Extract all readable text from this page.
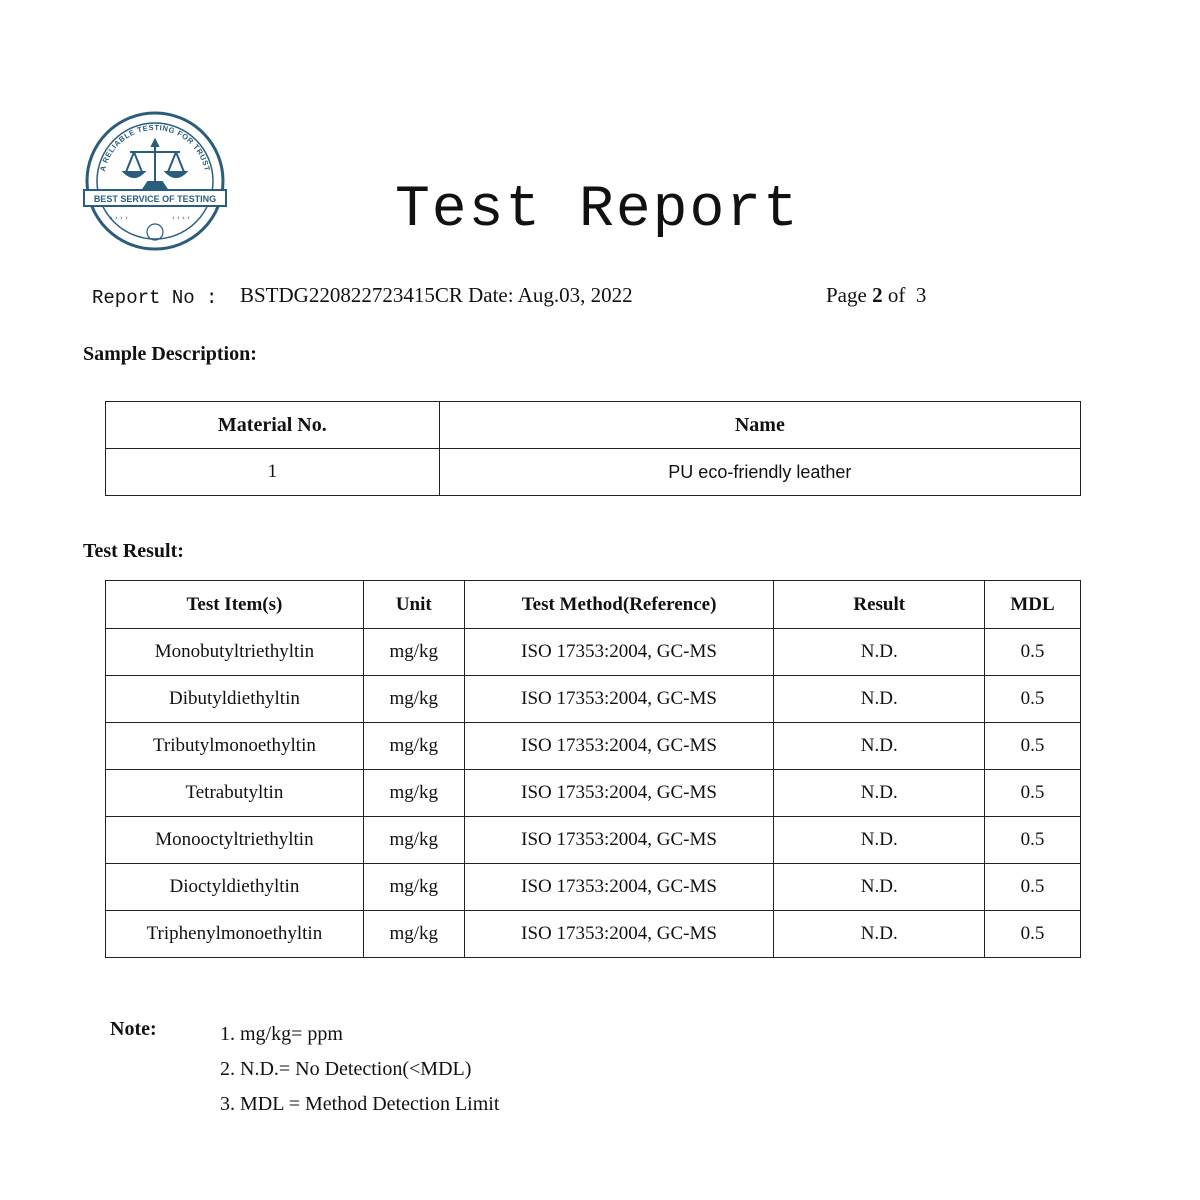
A RELIABLE TESTING FOR TRUST
BEST SERVICE OF TESTING
› › › ›	‹ ‹ ‹ ‹	Test Report
Report No : BSTDG220822723415CR Date: Aug.03, 2022	Page 2 of 3
Sample Description:
Material No.	Name
1	PU eco-friendly leather
Test Result:
Test Item(s)	Unit	Test Method(Reference)	Result	MDL
Monobutyltriethyltin	mg/kg	ISO 17353:2004, GC-MS	N.D.	0.5
Dibutyldiethyltin	mg/kg	ISO 17353:2004, GC-MS	N.D.	0.5
Tributylmonoethyltin	mg/kg	ISO 17353:2004, GC-MS	N.D.	0.5
Tetrabutyltin	mg/kg	ISO 17353:2004, GC-MS	N.D.	0.5
Monooctyltriethyltin	mg/kg	ISO 17353:2004, GC-MS	N.D.	0.5
Dioctyldiethyltin	mg/kg	ISO 17353:2004, GC-MS	N.D.	0.5
Triphenylmonoethyltin	mg/kg	ISO 17353:2004, GC-MS	N.D.	0.5
Note:	1. mg/kg= ppm
2. N.D.= No Detection(<MDL)
3. MDL = Method Detection Limit
